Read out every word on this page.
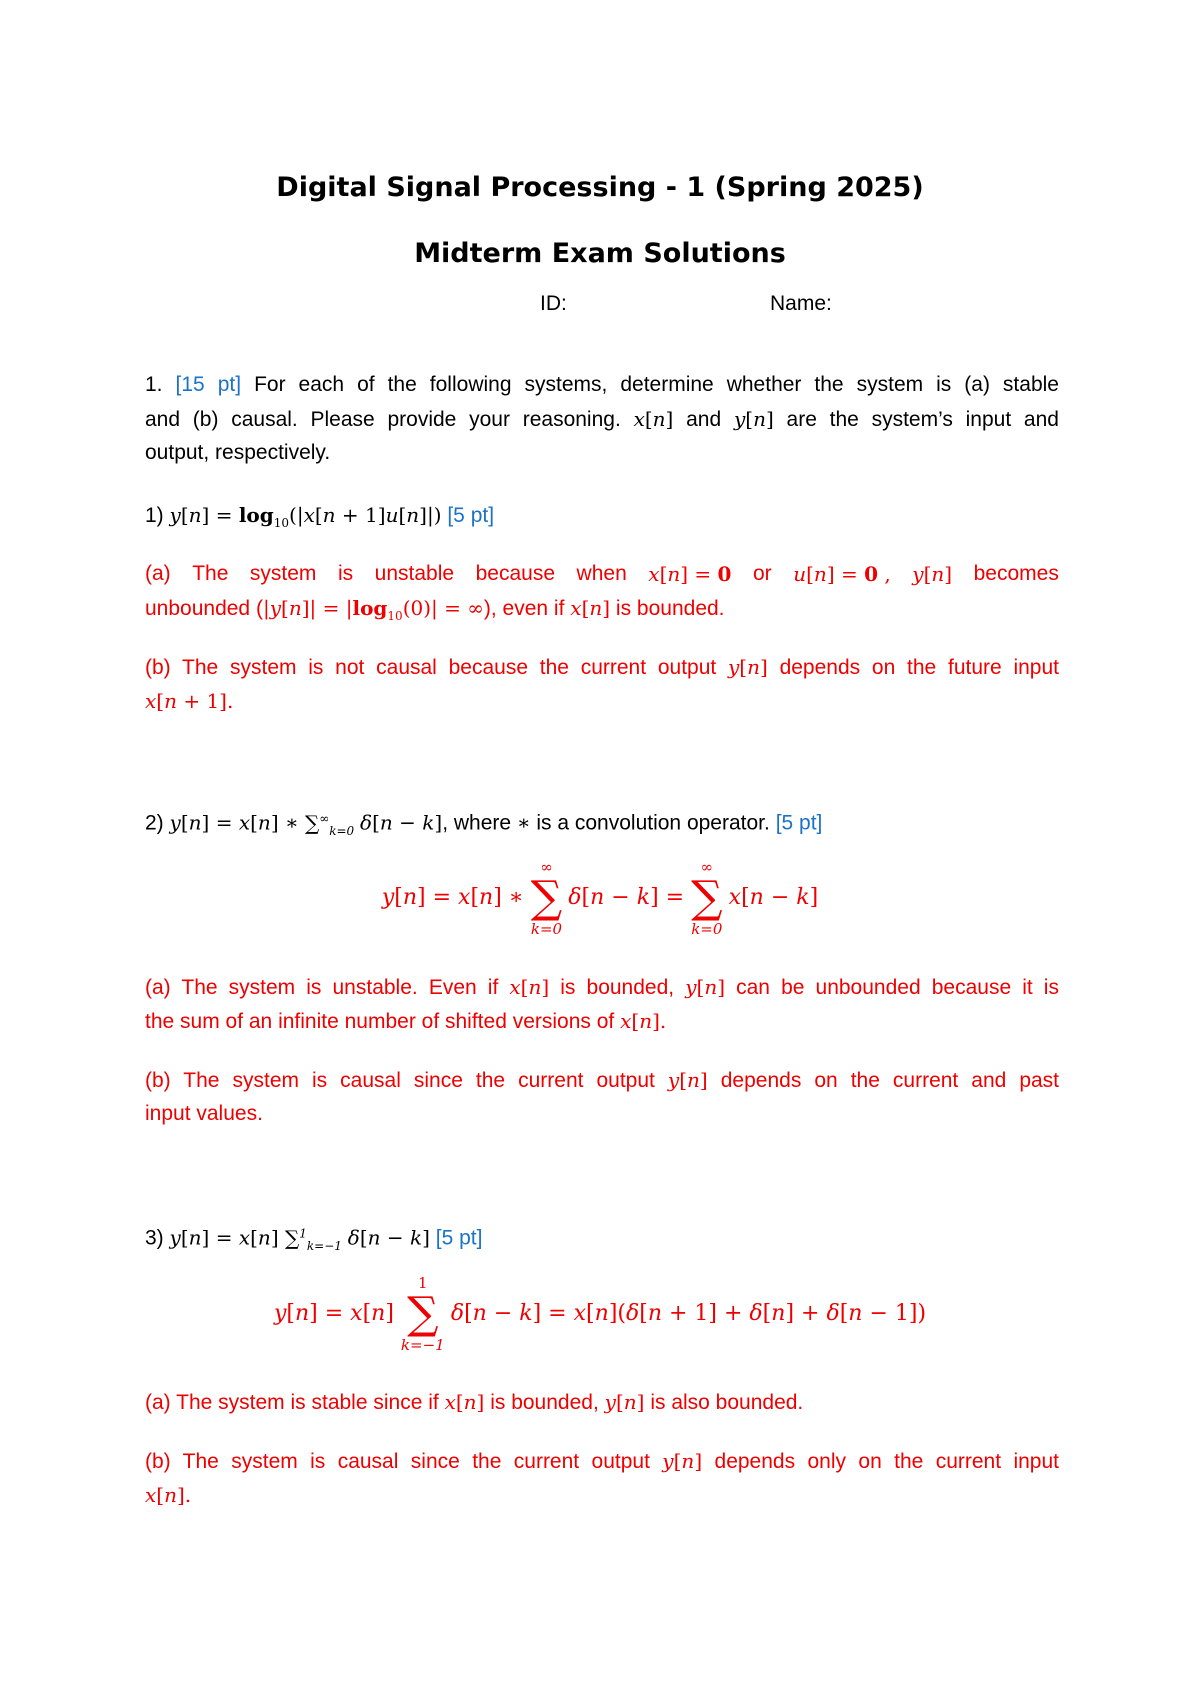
Digital Signal Processing - 1 (Spring 2025)
Midterm Exam Solutions
ID:	Name:
1. [15 pt] For each of the following systems, determine whether the system is (a) stable
and (b) causal. Please provide your reasoning. x[n] and y[n] are the system’s input and
output, respectively.
1) $y[n] = \log_{10}(|x[n + 1]u[n]|)$ [5 pt]
(a) The system is unstable because when x[n] = 0 or u[n] = 0 , y[n] becomes
unbounded ($|y[n]| = |\log_{10}(0)|$ = ∞), even if x[n] is bounded.
(b) The system is not causal because the current output y[n] depends on the future input
x[n + 1].
2) y[n] = x[n] ∗ $\sum^\infty_{k=0}$ δ[n − k], where ∗ is a convolution operator. [5 pt]
y[n] = x[n] ∗
∞
∑
k=0
δ[n − k] =
∞
∑
k=0
x[n − k]
(a) The system is unstable. Even if x[n] is bounded, y[n] can be unbounded because it is
the sum of an infinite number of shifted versions of x[n].
(b) The system is causal since the current output y[n] depends on the current and past
input values.
3) y[n] = x[n] ∑$^1_{k=-1}$ δ[n − k] [5 pt]
y[n] = x[n]
1
∑
k=−1
δ[n − k] = x[n](δ[n + 1] + δ[n] + δ[n − 1])
(a) The system is stable since if x[n] is bounded, y[n] is also bounded.
(b) The system is causal since the current output y[n] depends only on the current input
x[n].
